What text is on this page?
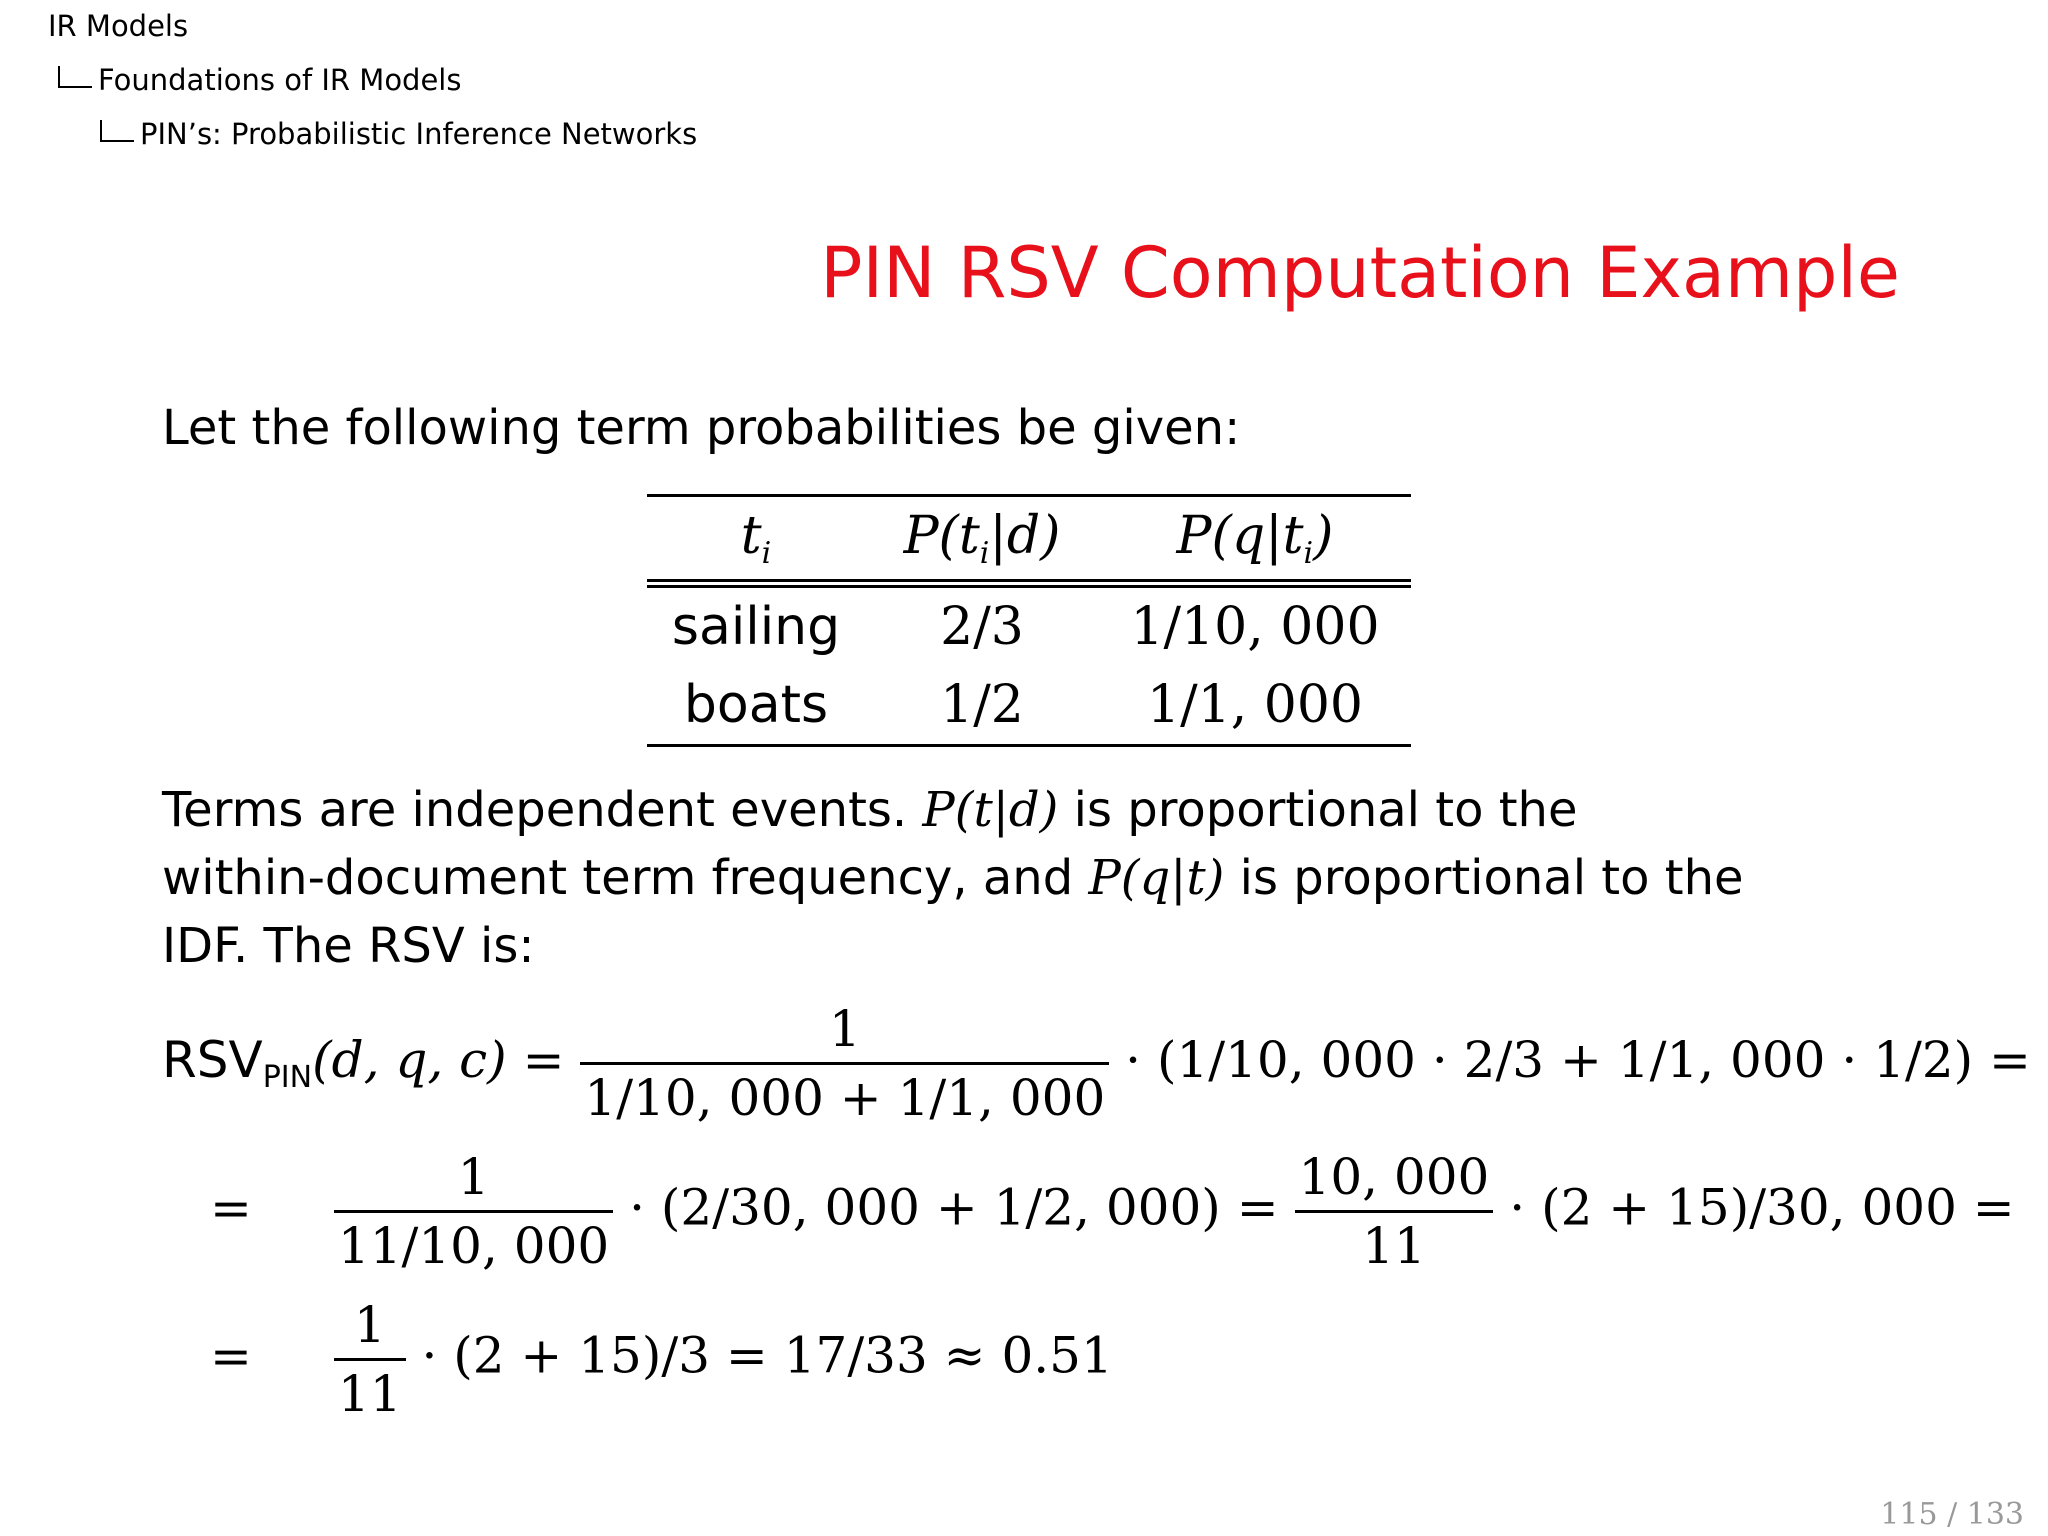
IR Models
Foundations of IR Models
PIN’s: Probabilistic Inference Networks
PIN RSV Computation Example
Let the following term probabilities be given:
$t_i$	$P(t_i|d)$	$P(q|t_i)$
sailing	2/3	1/10, 000
boats	1/2	1/1, 000
Terms are independent events. P(t|d) is proportional to the
within-document term frequency, and P(q|t) is proportional to the
IDF. The RSV is:
$RSV_{PIN}(d$, q, $c) = \frac{1}{1/10, 000 + 1/1, 000} \cdot (1/10$, 000 · 2/3 + 1/1, 000 · 1/2) =
= $\frac{1}{11/10, 000} \cdot (2/30$, 000 + 1/2, $000) = \frac{10, 000}{11} \cdot (2 + 15)/30$, 000 =
= $\frac{1}{11} \cdot (2 + 15)/3 = 17/33 \approx 0.51$
115 / 133
